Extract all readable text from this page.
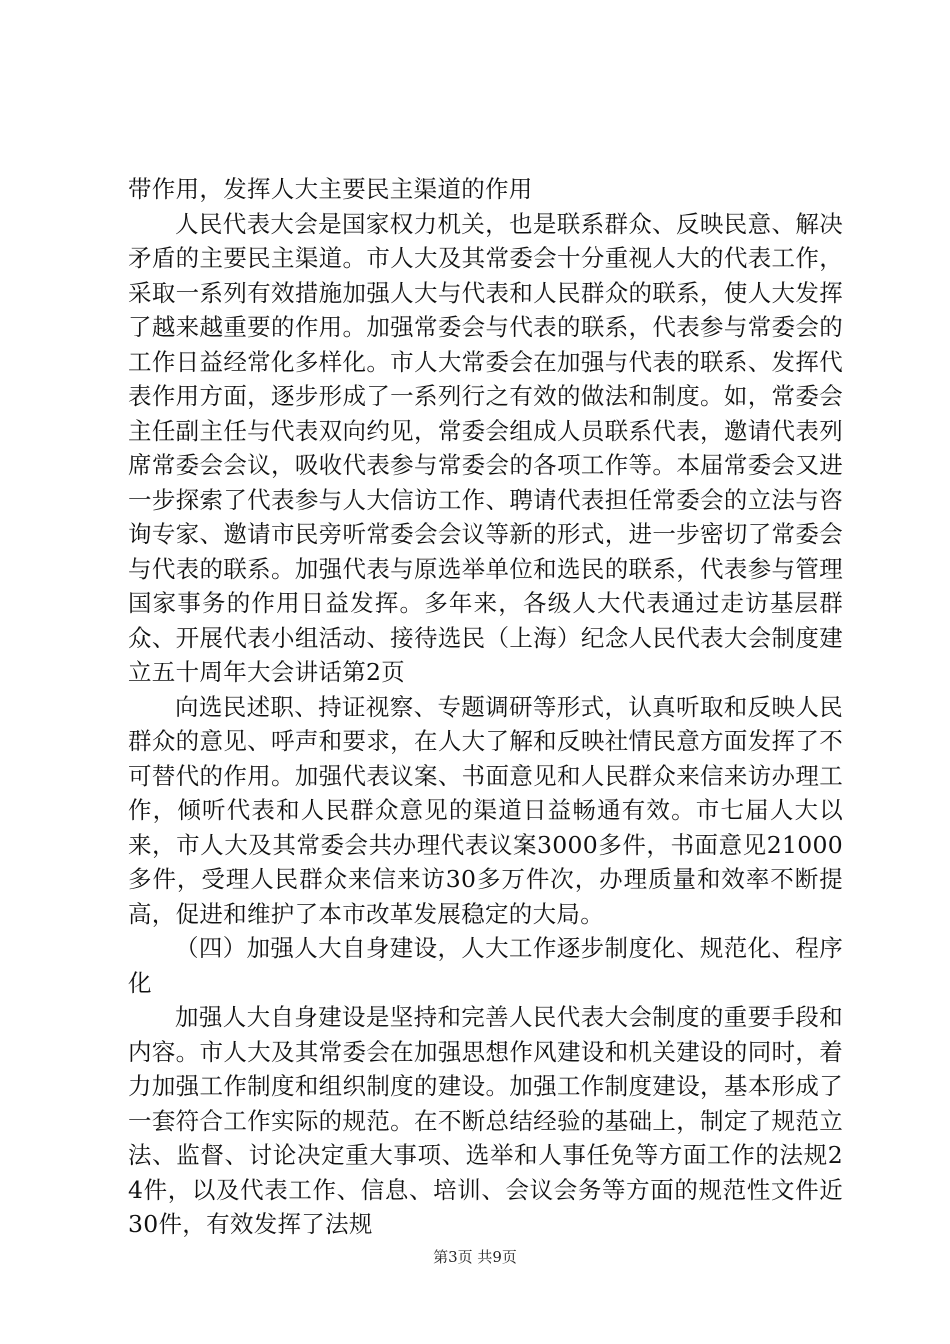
带作用，发挥人大主要民主渠道的作用

人民代表大会是国家权力机关，也是联系群众、反映民意、解决矛盾的主要民主渠道。市人大及其常委会十分重视人大的代表工作，采取一系列有效措施加强人大与代表和人民群众的联系，使人大发挥了越来越重要的作用。加强常委会与代表的联系，代表参与常委会的工作日益经常化多样化。市人大常委会在加强与代表的联系、发挥代表作用方面，逐步形成了一系列行之有效的做法和制度。如，常委会主任副主任与代表双向约见，常委会组成人员联系代表，邀请代表列席常委会会议，吸收代表参与常委会的各项工作等。本届常委会又进一步探索了代表参与人大信访工作、聘请代表担任常委会的立法与咨询专家、邀请市民旁听常委会会议等新的形式，进一步密切了常委会与代表的联系。加强代表与原选举单位和选民的联系，代表参与管理国家事务的作用日益发挥。多年来，各级人大代表通过走访基层群众、开展代表小组活动、接待选民（上海）纪念人民代表大会制度建立五十周年大会讲话第2页

向选民述职、持证视察、专题调研等形式，认真听取和反映人民群众的意见、呼声和要求，在人大了解和反映社情民意方面发挥了不可替代的作用。加强代表议案、书面意见和人民群众来信来访办理工作，倾听代表和人民群众意见的渠道日益畅通有效。市七届人大以来，市人大及其常委会共办理代表议案3000多件，书面意见21000多件，受理人民群众来信来访30多万件次，办理质量和效率不断提高，促进和维护了本市改革发展稳定的大局。

（四）加强人大自身建设，人大工作逐步制度化、规范化、程序化

加强人大自身建设是坚持和完善人民代表大会制度的重要手段和内容。市人大及其常委会在加强思想作风建设和机关建设的同时，着力加强工作制度和组织制度的建设。加强工作制度建设，基本形成了一套符合工作实际的规范。在不断总结经验的基础上，制定了规范立法、监督、讨论决定重大事项、选举和人事任免等方面工作的法规24件，以及代表工作、信息、培训、会议会务等方面的规范性文件近30件，有效发挥了法规

第3页 共9页
